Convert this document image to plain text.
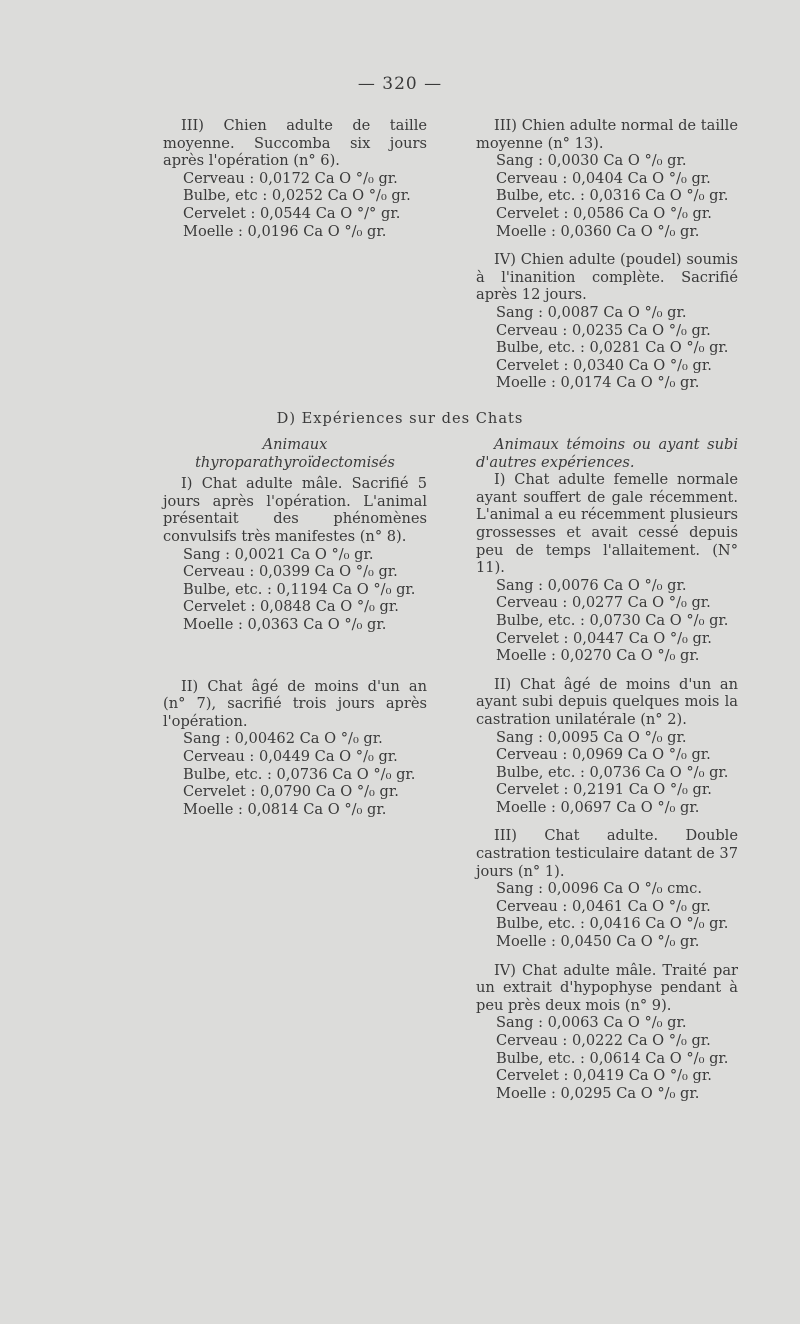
— 320 —

III) Chien adulte de taille moyenne. Succomba six jours après l'opération (n° 6).

Cerveau : 0,0172 Ca O °/₀ gr.
Bulbe, etc : 0,0252 Ca O °/₀ gr.
Cervelet : 0,0544 Ca O °/° gr.
Moelle : 0,0196 Ca O °/₀ gr.

III) Chien adulte normal de taille moyenne (n° 13).

Sang : 0,0030 Ca O °/₀ gr.
Cerveau : 0,0404 Ca O °/₀ gr.
Bulbe, etc. : 0,0316 Ca O °/₀ gr.
Cervelet : 0,0586 Ca O °/₀ gr.
Moelle : 0,0360 Ca O °/₀ gr.

IV) Chien adulte (poudel) soumis à l'inanition complète. Sacrifié après 12 jours.

Sang : 0,0087 Ca O °/₀ gr.
Cerveau : 0,0235 Ca O °/₀ gr.
Bulbe, etc. : 0,0281 Ca O °/₀ gr.
Cervelet : 0,0340 Ca O °/₀ gr.
Moelle : 0,0174 Ca O °/₀ gr.
D) Expériences sur des Chats
Animaux
thyroparathyroïdectomisés

I) Chat adulte mâle. Sacrifié 5 jours après l'opération. L'animal présentait des phénomènes convulsifs très manifestes (n° 8).

Sang : 0,0021 Ca O °/₀ gr.
Cerveau : 0,0399 Ca O °/₀ gr.
Bulbe, etc. : 0,1194 Ca O °/₀ gr.
Cervelet : 0,0848 Ca O °/₀ gr.
Moelle : 0,0363 Ca O °/₀ gr.

II) Chat âgé de moins d'un an (n° 7), sacrifié trois jours après l'opération.

Sang : 0,00462 Ca O °/₀ gr.
Cerveau : 0,0449 Ca O °/₀ gr.
Bulbe, etc. : 0,0736 Ca O °/₀ gr.
Cervelet : 0,0790 Ca O °/₀ gr.
Moelle : 0,0814 Ca O °/₀ gr.

Animaux témoins ou ayant subi d'autres expériences.

I) Chat adulte femelle normale ayant souffert de gale récemment. L'animal a eu récemment plusieurs grossesses et avait cessé depuis peu de temps l'allaitement. (N° 11).

Sang : 0,0076 Ca O °/₀ gr.
Cerveau : 0,0277 Ca O °/₀ gr.
Bulbe, etc. : 0,0730 Ca O °/₀ gr.
Cervelet : 0,0447 Ca O °/₀ gr.
Moelle : 0,0270 Ca O °/₀ gr.

II) Chat âgé de moins d'un an ayant subi depuis quelques mois la castration unilatérale (n° 2).

Sang : 0,0095 Ca O °/₀ gr.
Cerveau : 0,0969 Ca O °/₀ gr.
Bulbe, etc. : 0,0736 Ca O °/₀ gr.
Cervelet : 0,2191 Ca O °/₀ gr.
Moelle : 0,0697 Ca O °/₀ gr.

III) Chat adulte. Double castration testiculaire datant de 37 jours (n° 1).

Sang : 0,0096 Ca O °/₀ cmc.
Cerveau : 0,0461 Ca O °/₀ gr.
Bulbe, etc. : 0,0416 Ca O °/₀ gr.
Moelle : 0,0450 Ca O °/₀ gr.

IV) Chat adulte mâle. Traité par un extrait d'hypophyse pendant à peu près deux mois (n° 9).

Sang : 0,0063 Ca O °/₀ gr.
Cerveau : 0,0222 Ca O °/₀ gr.
Bulbe, etc. : 0,0614 Ca O °/₀ gr.
Cervelet : 0,0419 Ca O °/₀ gr.
Moelle : 0,0295 Ca O °/₀ gr.
